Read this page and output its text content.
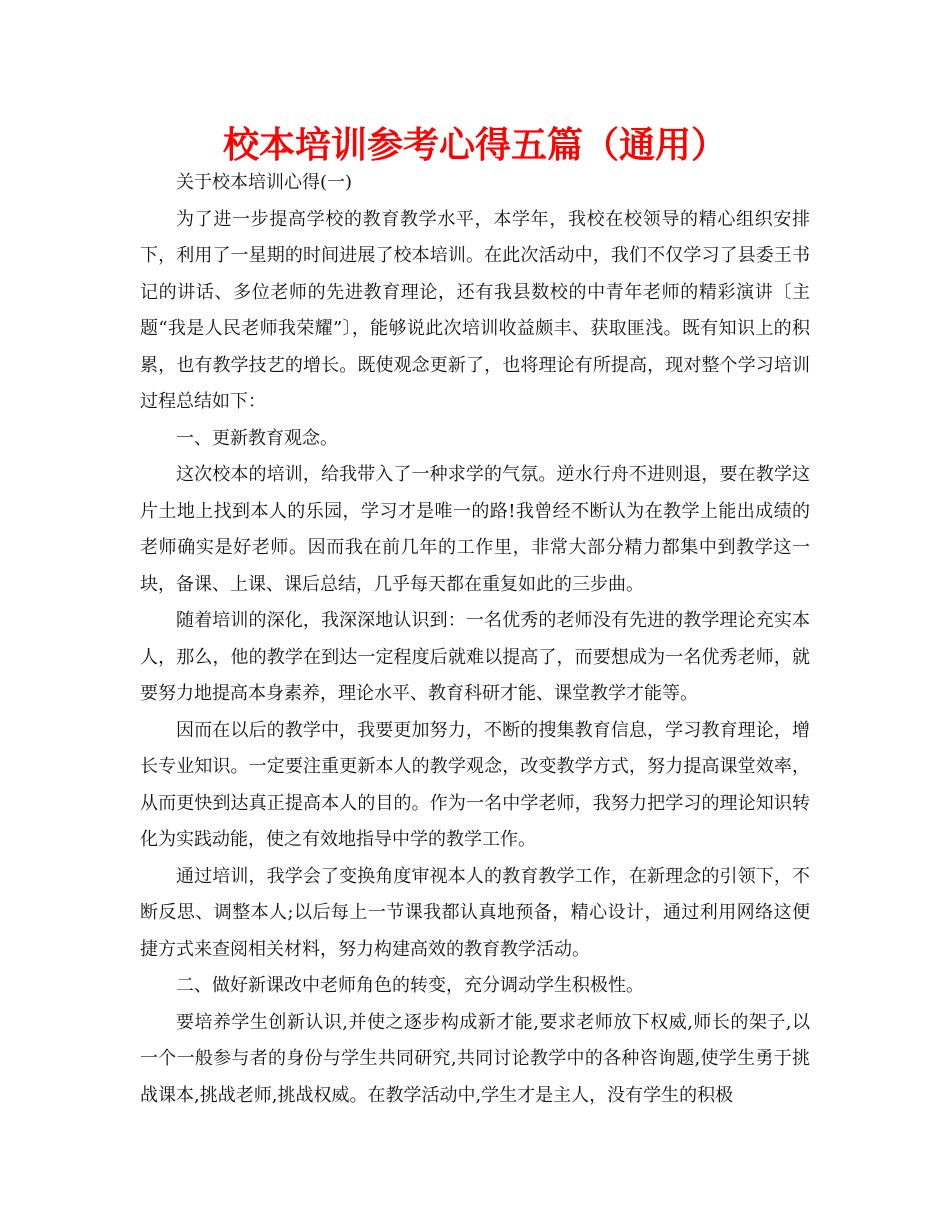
校本培训参考心得五篇（通用）

关于校本培训心得(一)

为了进一步提高学校的教育教学水平，本学年，我校在校领导的精心组织安排下，利用了一星期的时间进展了校本培训。在此次活动中，我们不仅学习了县委王书记的讲话、多位老师的先进教育理论，还有我县数校的中青年老师的精彩演讲〔主题“我是人民老师我荣耀”〕，能够说此次培训收益颇丰、获取匪浅。既有知识上的积累，也有教学技艺的增长。既使观念更新了，也将理论有所提高，现对整个学习培训过程总结如下：

一、更新教育观念。

这次校本的培训，给我带入了一种求学的气氛。逆水行舟不进则退，要在教学这片土地上找到本人的乐园，学习才是唯一的路!我曾经不断认为在教学上能出成绩的老师确实是好老师。因而我在前几年的工作里，非常大部分精力都集中到教学这一块，备课、上课、课后总结，几乎每天都在重复如此的三步曲。

随着培训的深化，我深深地认识到：一名优秀的老师没有先进的教学理论充实本人，那么，他的教学在到达一定程度后就难以提高了，而要想成为一名优秀老师，就要努力地提高本身素养，理论水平、教育科研才能、课堂教学才能等。

因而在以后的教学中，我要更加努力，不断的搜集教育信息，学习教育理论，增长专业知识。一定要注重更新本人的教学观念，改变教学方式，努力提高课堂效率，从而更快到达真正提高本人的目的。作为一名中学老师，我努力把学习的理论知识转化为实践动能，使之有效地指导中学的教学工作。

通过培训，我学会了变换角度审视本人的教育教学工作，在新理念的引领下，不断反思、调整本人;以后每上一节课我都认真地预备，精心设计，通过利用网络这便捷方式来查阅相关材料，努力构建高效的教育教学活动。

二、做好新课改中老师角色的转变，充分调动学生积极性。

要培养学生创新认识,并使之逐步构成新才能,要求老师放下权威,师长的架子,以一个一般参与者的身份与学生共同研究,共同讨论教学中的各种咨询题,使学生勇于挑战课本,挑战老师,挑战权威。在教学活动中,学生才是主人，没有学生的积极
